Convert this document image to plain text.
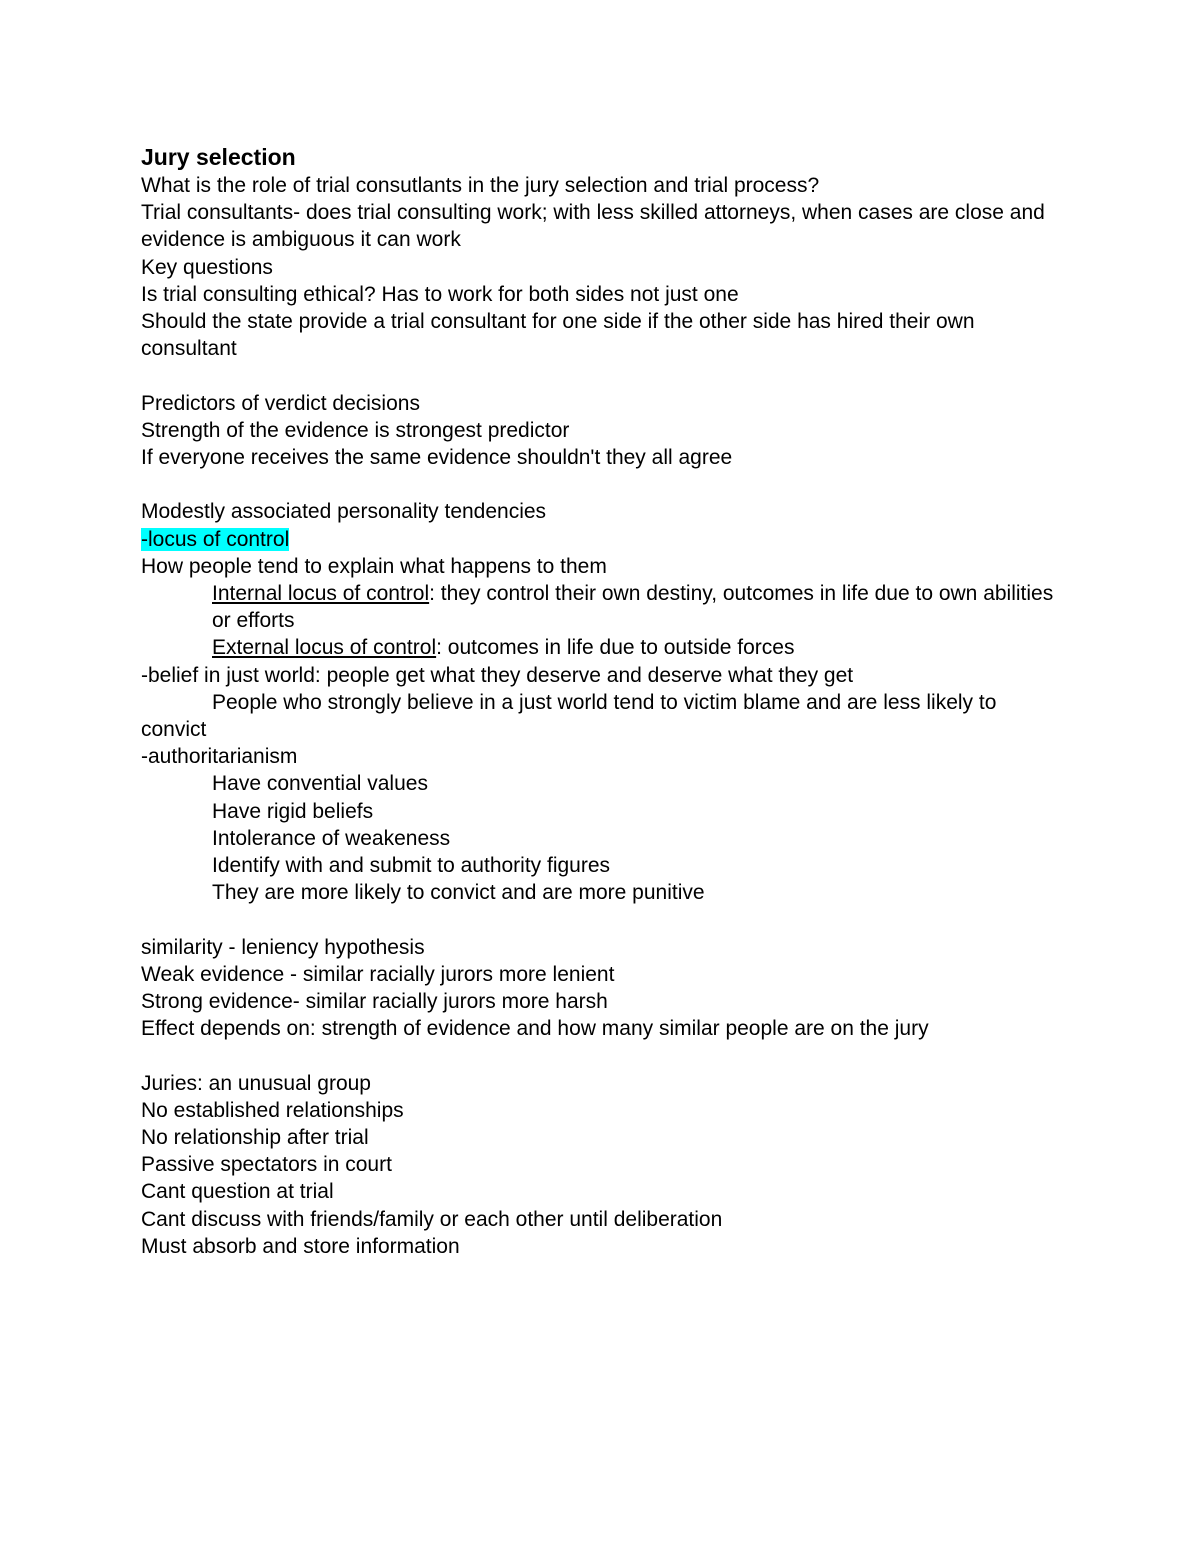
Jury selection

What is the role of trial consutlants in the jury selection and trial process?

Trial consultants- does trial consulting work; with less skilled attorneys, when cases are close and evidence is ambiguous it can work

Key questions

Is trial consulting ethical? Has to work for both sides not just one

Should the state provide a trial consultant for one side if the other side has hired their own consultant

Predictors of verdict decisions

Strength of the evidence is strongest predictor

If everyone receives the same evidence shouldn't they all agree

Modestly associated personality tendencies

-locus of control

How people tend to explain what happens to them

Internal locus of control: they control their own destiny, outcomes in life due to own abilities or efforts

External locus of control: outcomes in life due to outside forces

-belief in just world: people get what they deserve and deserve what they get

People who strongly believe in a just world tend to victim blame and are less likely to convict

-authoritarianism

Have convential values

Have rigid beliefs

Intolerance of weakeness

Identify with and submit to authority figures

They are more likely to convict and are more punitive

similarity - leniency hypothesis

Weak evidence - similar racially jurors more lenient

Strong evidence- similar racially jurors more harsh

Effect depends on: strength of evidence and how many similar people are on the jury

Juries: an unusual group

No established relationships

No relationship after trial

Passive spectators in court

Cant question at trial

Cant discuss with friends/family or each other until deliberation

Must absorb and store information
